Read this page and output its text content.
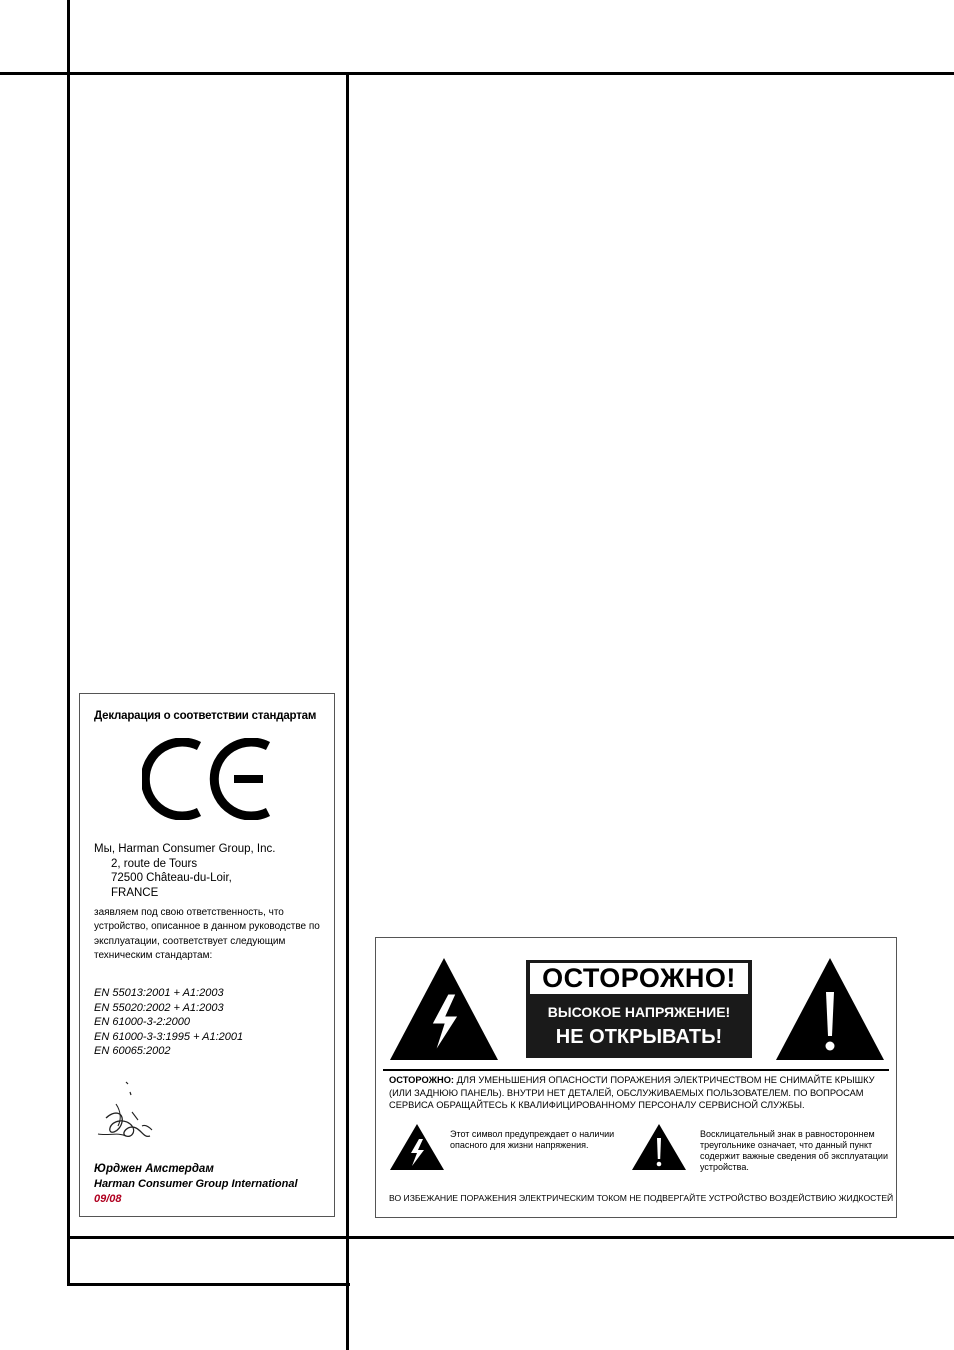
Декларация о соответствии стандартам
Мы, Harman Consumer Group, Inc.
2, route de Tours
72500 Château-du-Loir,
FRANCE
заявляем под свою ответственность, что устройство, описанное в данном руководстве по эксплуатации, соответствует следующим техническим стандартам:
EN 55013:2001 + A1:2003
EN 55020:2002 + A1:2003
EN 61000-3-2:2000
EN 61000-3-3:1995 + A1:2001
EN 60065:2002
Юрджен Амстердам
Harman Consumer Group International
09/08
ОСТОРОЖНО!
ВЫСОКОЕ НАПРЯЖЕНИЕ!
НЕ ОТКРЫВАТЬ!
ОСТОРОЖНО: ДЛЯ УМЕНЬШЕНИЯ ОПАСНОСТИ ПОРАЖЕНИЯ ЭЛЕКТРИЧЕСТВОМ НЕ СНИМАЙТЕ КРЫШКУ (ИЛИ ЗАДНЮЮ ПАНЕЛЬ). ВНУТРИ НЕТ ДЕТАЛЕЙ, ОБСЛУЖИВАЕМЫХ ПОЛЬЗОВАТЕЛЕМ. ПО ВОПРОСАМ СЕРВИСА ОБРАЩАЙТЕСЬ К КВАЛИФИЦИРОВАННОМУ ПЕРСОНАЛУ СЕРВИСНОЙ СЛУЖБЫ.
Этот символ предупреждает о наличии опасного для жизни напряжения.
Восклицательный знак в равностороннем треугольнике означает, что данный пункт содержит важные сведения об эксплуатации устройства.
ВО ИЗБЕЖАНИЕ ПОРАЖЕНИЯ ЭЛЕКТРИЧЕСКИМ ТОКОМ НЕ ПОДВЕРГАЙТЕ УСТРОЙСТВО ВОЗДЕЙСТВИЮ ЖИДКОСТЕЙ
